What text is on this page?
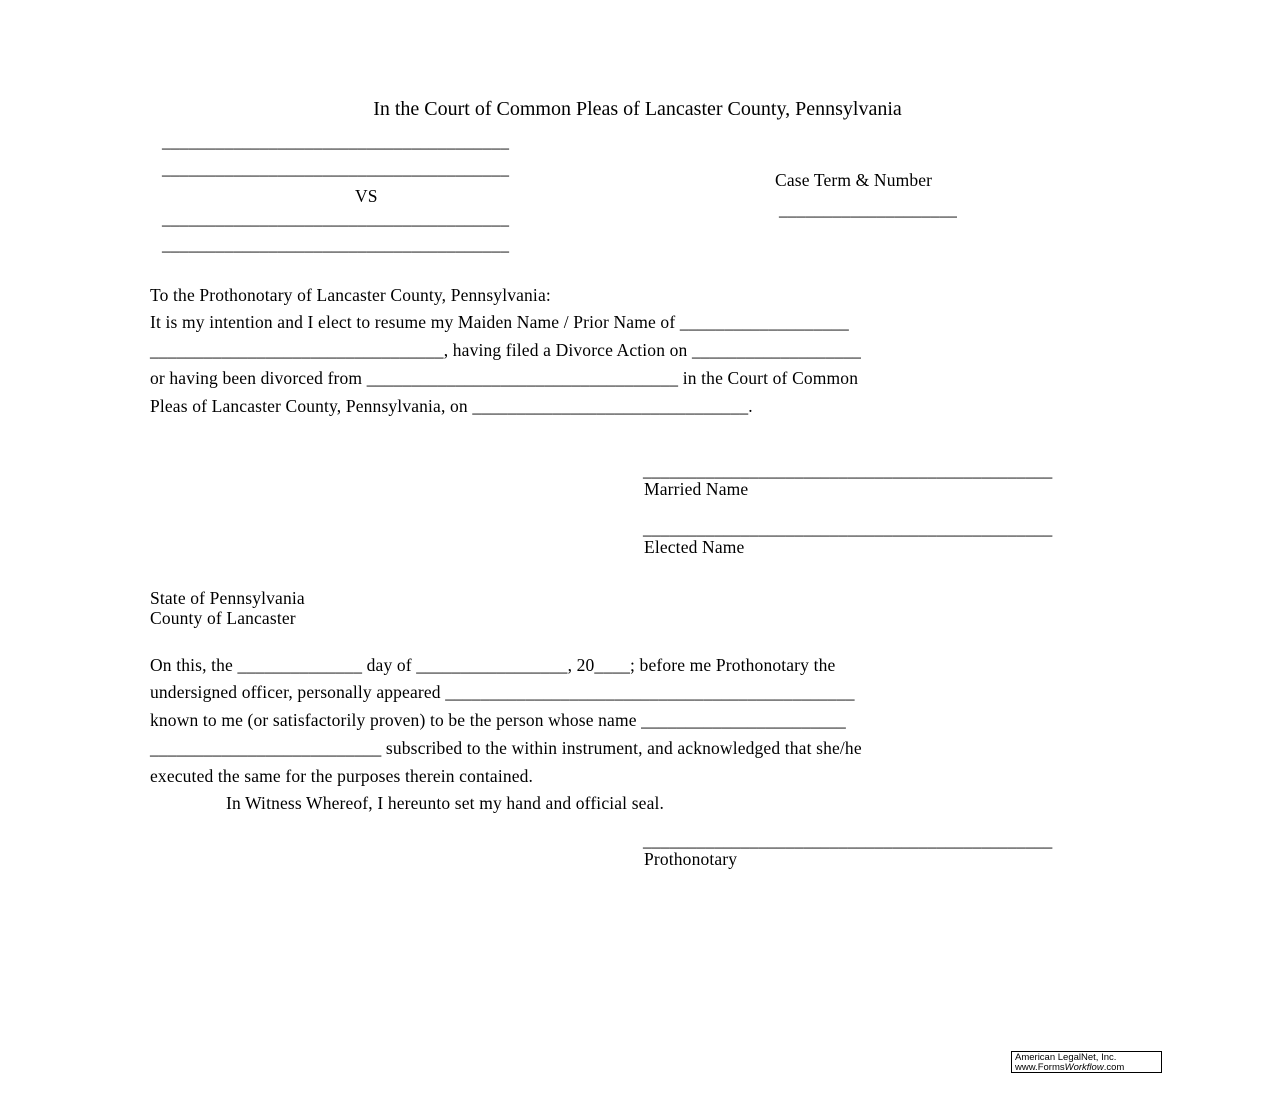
In the Court of Common Pleas of Lancaster County, Pennsylvania
_______________________________________
_______________________________________
VS
_______________________________________
_______________________________________
Case Term & Number
____________________
To the Prothonotary of Lancaster County, Pennsylvania:
It is my intention and I elect to resume my Maiden Name / Prior Name of ___________________
_________________________________, having filed a Divorce Action on ___________________
or having been divorced from ___________________________________ in the Court of Common
Pleas of Lancaster County, Pennsylvania, on _______________________________.
______________________________________________
Married Name
______________________________________________
Elected Name
State of Pennsylvania
County of Lancaster
On this, the ______________ day of _________________, 20____; before me Prothonotary the
undersigned officer, personally appeared ______________________________________________
known to me (or satisfactorily proven) to be the person whose name _______________________
__________________________ subscribed to the within instrument, and acknowledged that she/he
executed the same for the purposes therein contained.
In Witness Whereof, I hereunto set my hand and official seal.
______________________________________________
Prothonotary
American LegalNet, Inc.
www.FormsWorkflow.com
